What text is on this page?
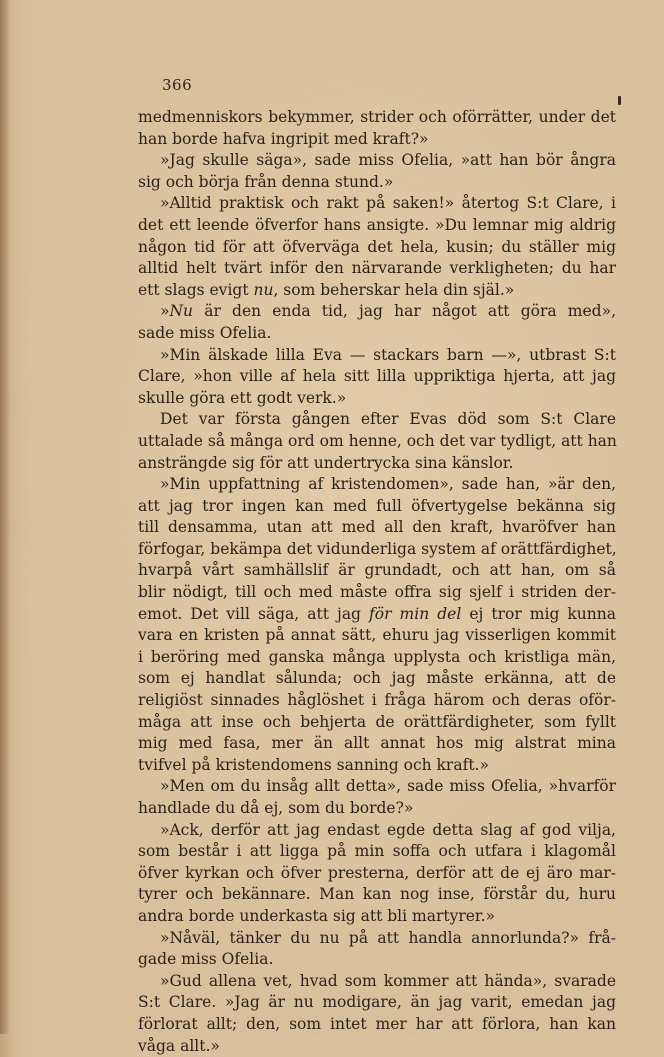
366
medmenniskors bekymmer, strider och oförrätter, under det
han borde hafva ingripit med kraft?»
»Jag skulle säga», sade miss Ofelia, »att han bör ångra
sig och börja från denna stund.»
»Alltid praktisk och rakt på saken!» återtog S:t Clare, i
det ett leende öfverfor hans ansigte. »Du lemnar mig aldrig
någon tid för att öfverväga det hela, kusin; du ställer mig
alltid helt tvärt inför den närvarande verkligheten; du har
ett slags evigt nu, som beherskar hela din själ.»
»Nu är den enda tid, jag har något att göra med»,
sade miss Ofelia.
»Min älskade lilla Eva — stackars barn —», utbrast S:t
Clare, »hon ville af hela sitt lilla uppriktiga hjerta, att jag
skulle göra ett godt verk.»
Det var första gången efter Evas död som S:t Clare
uttalade så många ord om henne, och det var tydligt, att han
ansträngde sig för att undertrycka sina känslor.
»Min uppfattning af kristendomen», sade han, »är den,
att jag tror ingen kan med full öfvertygelse bekänna sig
till densamma, utan att med all den kraft, hvaröfver han
förfogar, bekämpa det vidunderliga system af orättfärdighet,
hvarpå vårt samhällslif är grundadt, och att han, om så
blir nödigt, till och med måste offra sig sjelf i striden der-
emot. Det vill säga, att jag för min del ej tror mig kunna
vara en kristen på annat sätt, ehuru jag visserligen kommit
i beröring med ganska många upplysta och kristliga män,
som ej handlat sålunda; och jag måste erkänna, att de
religiöst sinnades håglöshet i fråga härom och deras oför-
måga att inse och behjerta de orättfärdigheter, som fyllt
mig med fasa, mer än allt annat hos mig alstrat mina
tvifvel på kristendomens sanning och kraft.»
»Men om du insåg allt detta», sade miss Ofelia, »hvarför
handlade du då ej, som du borde?»
»Ack, derför att jag endast egde detta slag af god vilja,
som består i att ligga på min soffa och utfara i klagomål
öfver kyrkan och öfver presterna, derför att de ej äro mar-
tyrer och bekännare. Man kan nog inse, förstår du, huru
andra borde underkasta sig att bli martyrer.»
»Nåväl, tänker du nu på att handla annorlunda?» frå-
gade miss Ofelia.
»Gud allena vet, hvad som kommer att hända», svarade
S:t Clare. »Jag är nu modigare, än jag varit, emedan jag
förlorat allt; den, som intet mer har att förlora, han kan
våga allt.»
